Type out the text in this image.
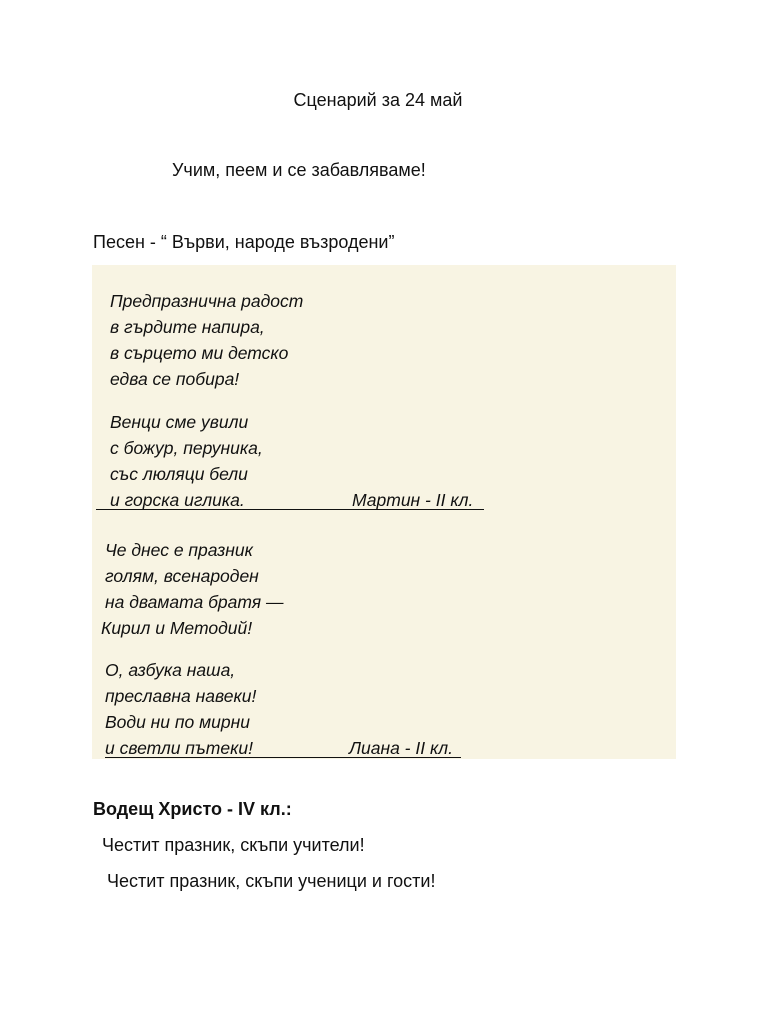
Сценарий за 24 май
Учим, пеем и се забавляваме!
Песен - “ Върви, народе възродени”
Предпразнична радост
в гърдите напира,
в сърцето ми детско
едва се побира!
Венци сме увили
с божур, перуника,
със люляци бели
и горска иглика.	Мартин - II кл.
Че днес е празник
голям, всенароден
на двамата братя —
Кирил и Методий!
О, азбука наша,
преславна навеки!
Води ни по мирни
и светли пътеки!	Лиана - II кл.
Водещ Христо - IV кл.:
Честит празник, скъпи учители!
Честит празник, скъпи ученици и гости!
